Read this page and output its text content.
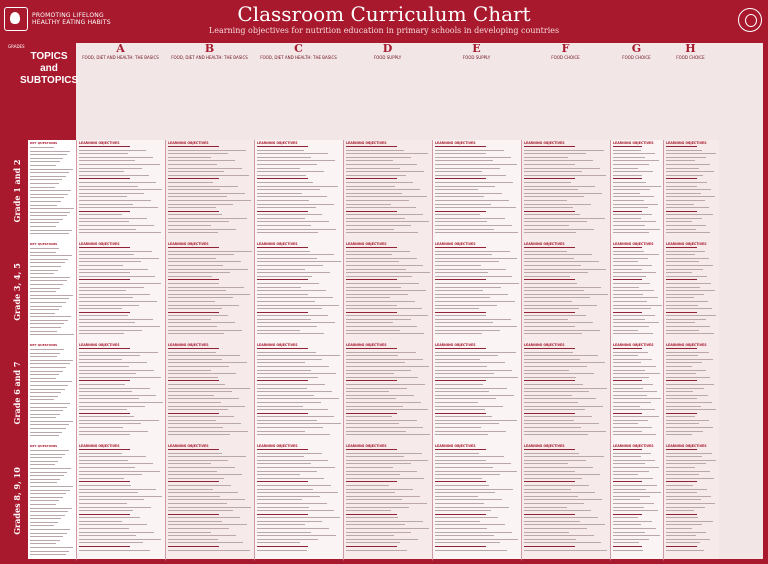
PROMOTING LIFELONG
HEALTHY EATING HABITS	Classroom Curriculum Chart
Learning objectives for nutrition education in primary schools in developing countries
GRADES
TOPICS
and
SUBTOPICS
A
FOOD, DIET AND HEALTH: THE BASICS
B
FOOD, DIET AND HEALTH: THE BASICS
C
FOOD, DIET AND HEALTH: THE BASICS
D
FOOD SUPPLY
E
FOOD SUPPLY
F
FOOD CHOICE
G
FOOD CHOICE
H
FOOD CHOICE
Grade 1 and 2
KEY QUESTIONS	LEARNING OBJECTIVES	LEARNING OBJECTIVES	LEARNING OBJECTIVES	LEARNING OBJECTIVES	LEARNING OBJECTIVES	LEARNING OBJECTIVES	LEARNING OBJECTIVES	LEARNING OBJECTIVES
Grade 3, 4, 5
KEY QUESTIONS	LEARNING OBJECTIVES	LEARNING OBJECTIVES	LEARNING OBJECTIVES	LEARNING OBJECTIVES	LEARNING OBJECTIVES	LEARNING OBJECTIVES	LEARNING OBJECTIVES	LEARNING OBJECTIVES
Grade 6 and 7
KEY QUESTIONS	LEARNING OBJECTIVES	LEARNING OBJECTIVES	LEARNING OBJECTIVES	LEARNING OBJECTIVES	LEARNING OBJECTIVES	LEARNING OBJECTIVES	LEARNING OBJECTIVES	LEARNING OBJECTIVES
Grades 8, 9, 10
KEY QUESTIONS	LEARNING OBJECTIVES	LEARNING OBJECTIVES	LEARNING OBJECTIVES	LEARNING OBJECTIVES	LEARNING OBJECTIVES	LEARNING OBJECTIVES	LEARNING OBJECTIVES	LEARNING OBJECTIVES
